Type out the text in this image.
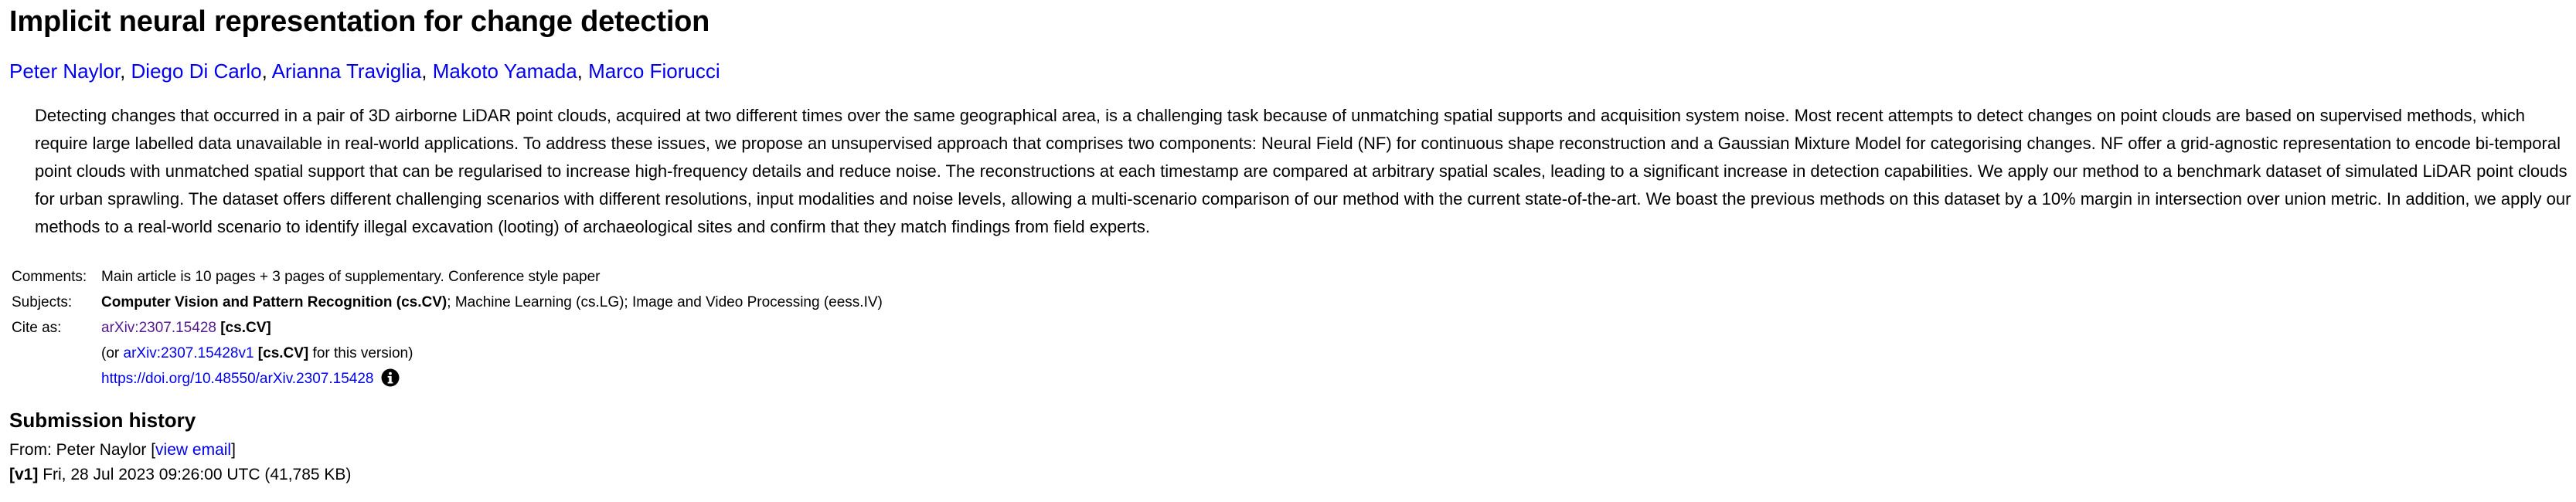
Implicit neural representation for change detection
Peter Naylor, Diego Di Carlo, Arianna Traviglia, Makoto Yamada, Marco Fiorucci
Detecting changes that occurred in a pair of 3D airborne LiDAR point clouds, acquired at two different times over the same geographical area, is a challenging task because of unmatching spatial supports and acquisition system noise. Most recent attempts to detect changes on point clouds are based on supervised methods, which require large labelled data unavailable in real-world applications. To address these issues, we propose an unsupervised approach that comprises two components: Neural Field (NF) for continuous shape reconstruction and a Gaussian Mixture Model for categorising changes. NF offer a grid-agnostic representation to encode bi-temporal point clouds with unmatched spatial support that can be regularised to increase high-frequency details and reduce noise. The reconstructions at each timestamp are compared at arbitrary spatial scales, leading to a significant increase in detection capabilities. We apply our method to a benchmark dataset of simulated LiDAR point clouds for urban sprawling. The dataset offers different challenging scenarios with different resolutions, input modalities and noise levels, allowing a multi-scenario comparison of our method with the current state-of-the-art. We boast the previous methods on this dataset by a 10% margin in intersection over union metric. In addition, we apply our methods to a real-world scenario to identify illegal excavation (looting) of archaeological sites and confirm that they match findings from field experts.
Comments:	Main article is 10 pages + 3 pages of supplementary. Conference style paper
Subjects:	Computer Vision and Pattern Recognition (cs.CV); Machine Learning (cs.LG); Image and Video Processing (eess.IV)
Cite as:	arXiv:2307.15428 [cs.CV]
	(or arXiv:2307.15428v1 [cs.CV] for this version)
	https://doi.org/10.48550/arXiv.2307.15428
Submission history
From: Peter Naylor [view email]
[v1] Fri, 28 Jul 2023 09:26:00 UTC (41,785 KB)
